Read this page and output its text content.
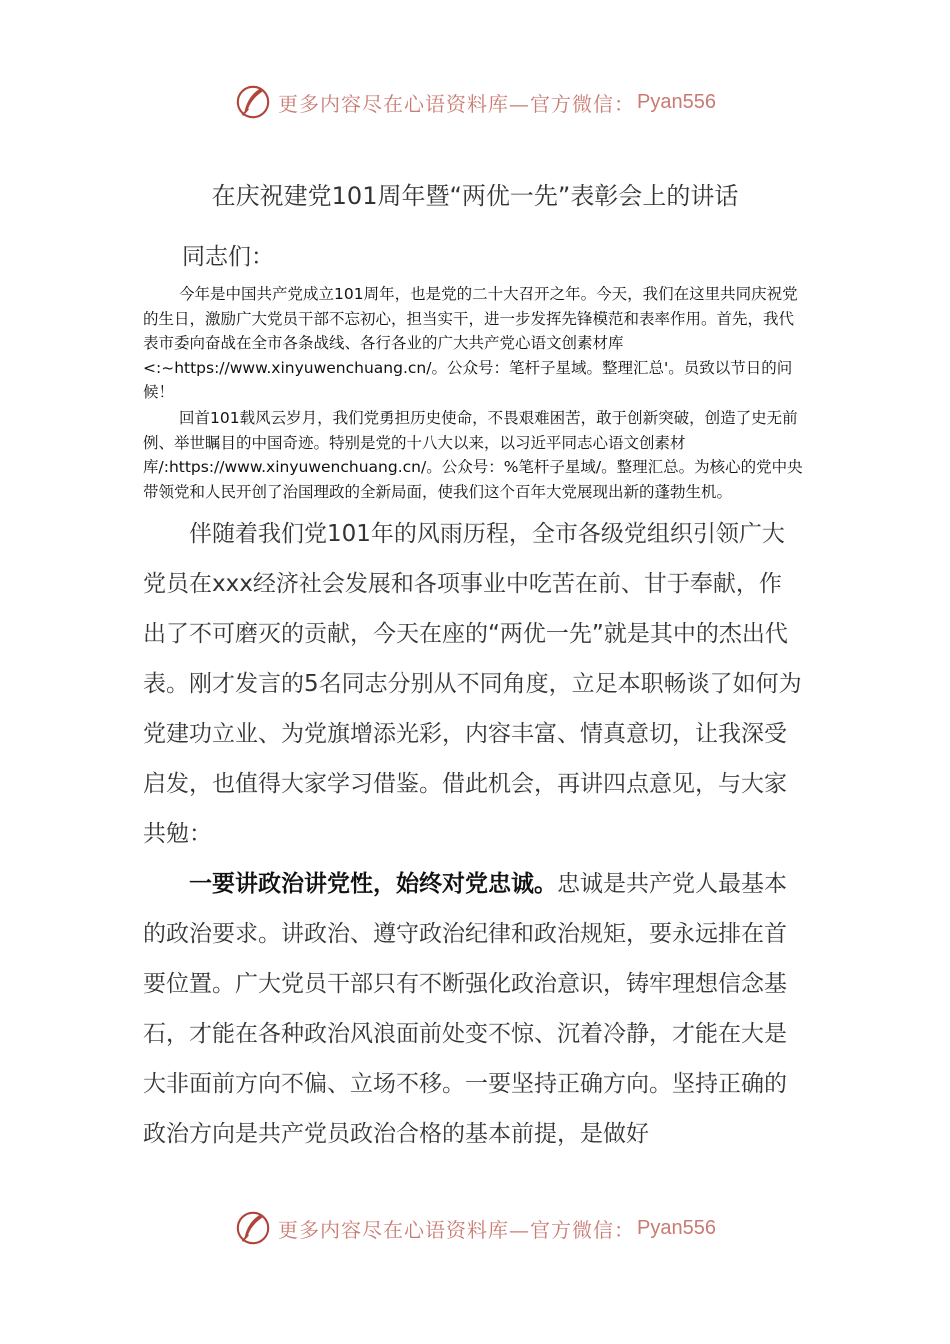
更多内容尽在心语资料库—官方微信： Pyan556
在庆祝建党101周年暨“两优一先”表彰会上的讲话
同志们：

今年是中国共产党成立101周年，也是党的二十大召开之年。今天，我们在这里共同庆祝党的生日，激励广大党员干部不忘初心，担当实干，进一步发挥先锋模范和表率作用。首先，我代表市委向奋战在全市各条战线、各行各业的广大共产党心语文创素材库<:~https://www.xinyuwenchuang.cn/。公众号：笔杆子星域。整理汇总'。员致以节日的问候！

回首101载风云岁月，我们党勇担历史使命，不畏艰难困苦，敢于创新突破，创造了史无前例、举世瞩目的中国奇迹。特别是党的十八大以来，以习近平同志心语文创素材库/:https://www.xinyuwenchuang.cn/。公众号：%笔杆子星域/。整理汇总。为核心的党中央带领党和人民开创了治国理政的全新局面，使我们这个百年大党展现出新的蓬勃生机。

伴随着我们党101年的风雨历程，全市各级党组织引领广大党员在xxx经济社会发展和各项事业中吃苦在前、甘于奉献，作出了不可磨灭的贡献，今天在座的“两优一先”就是其中的杰出代表。刚才发言的5名同志分别从不同角度，立足本职畅谈了如何为党建功立业、为党旗增添光彩，内容丰富、情真意切，让我深受启发，也值得大家学习借鉴。借此机会，再讲四点意见，与大家共勉：

一要讲政治讲党性，始终对党忠诚。忠诚是共产党人最基本的政治要求。讲政治、遵守政治纪律和政治规矩，要永远排在首要位置。广大党员干部只有不断强化政治意识，铸牢理想信念基石，才能在各种政治风浪面前处变不惊、沉着冷静，才能在大是大非面前方向不偏、立场不移。一要坚持正确方向。坚持正确的政治方向是共产党员政治合格的基本前提，是做好

更多内容尽在心语资料库—官方微信： Pyan556
